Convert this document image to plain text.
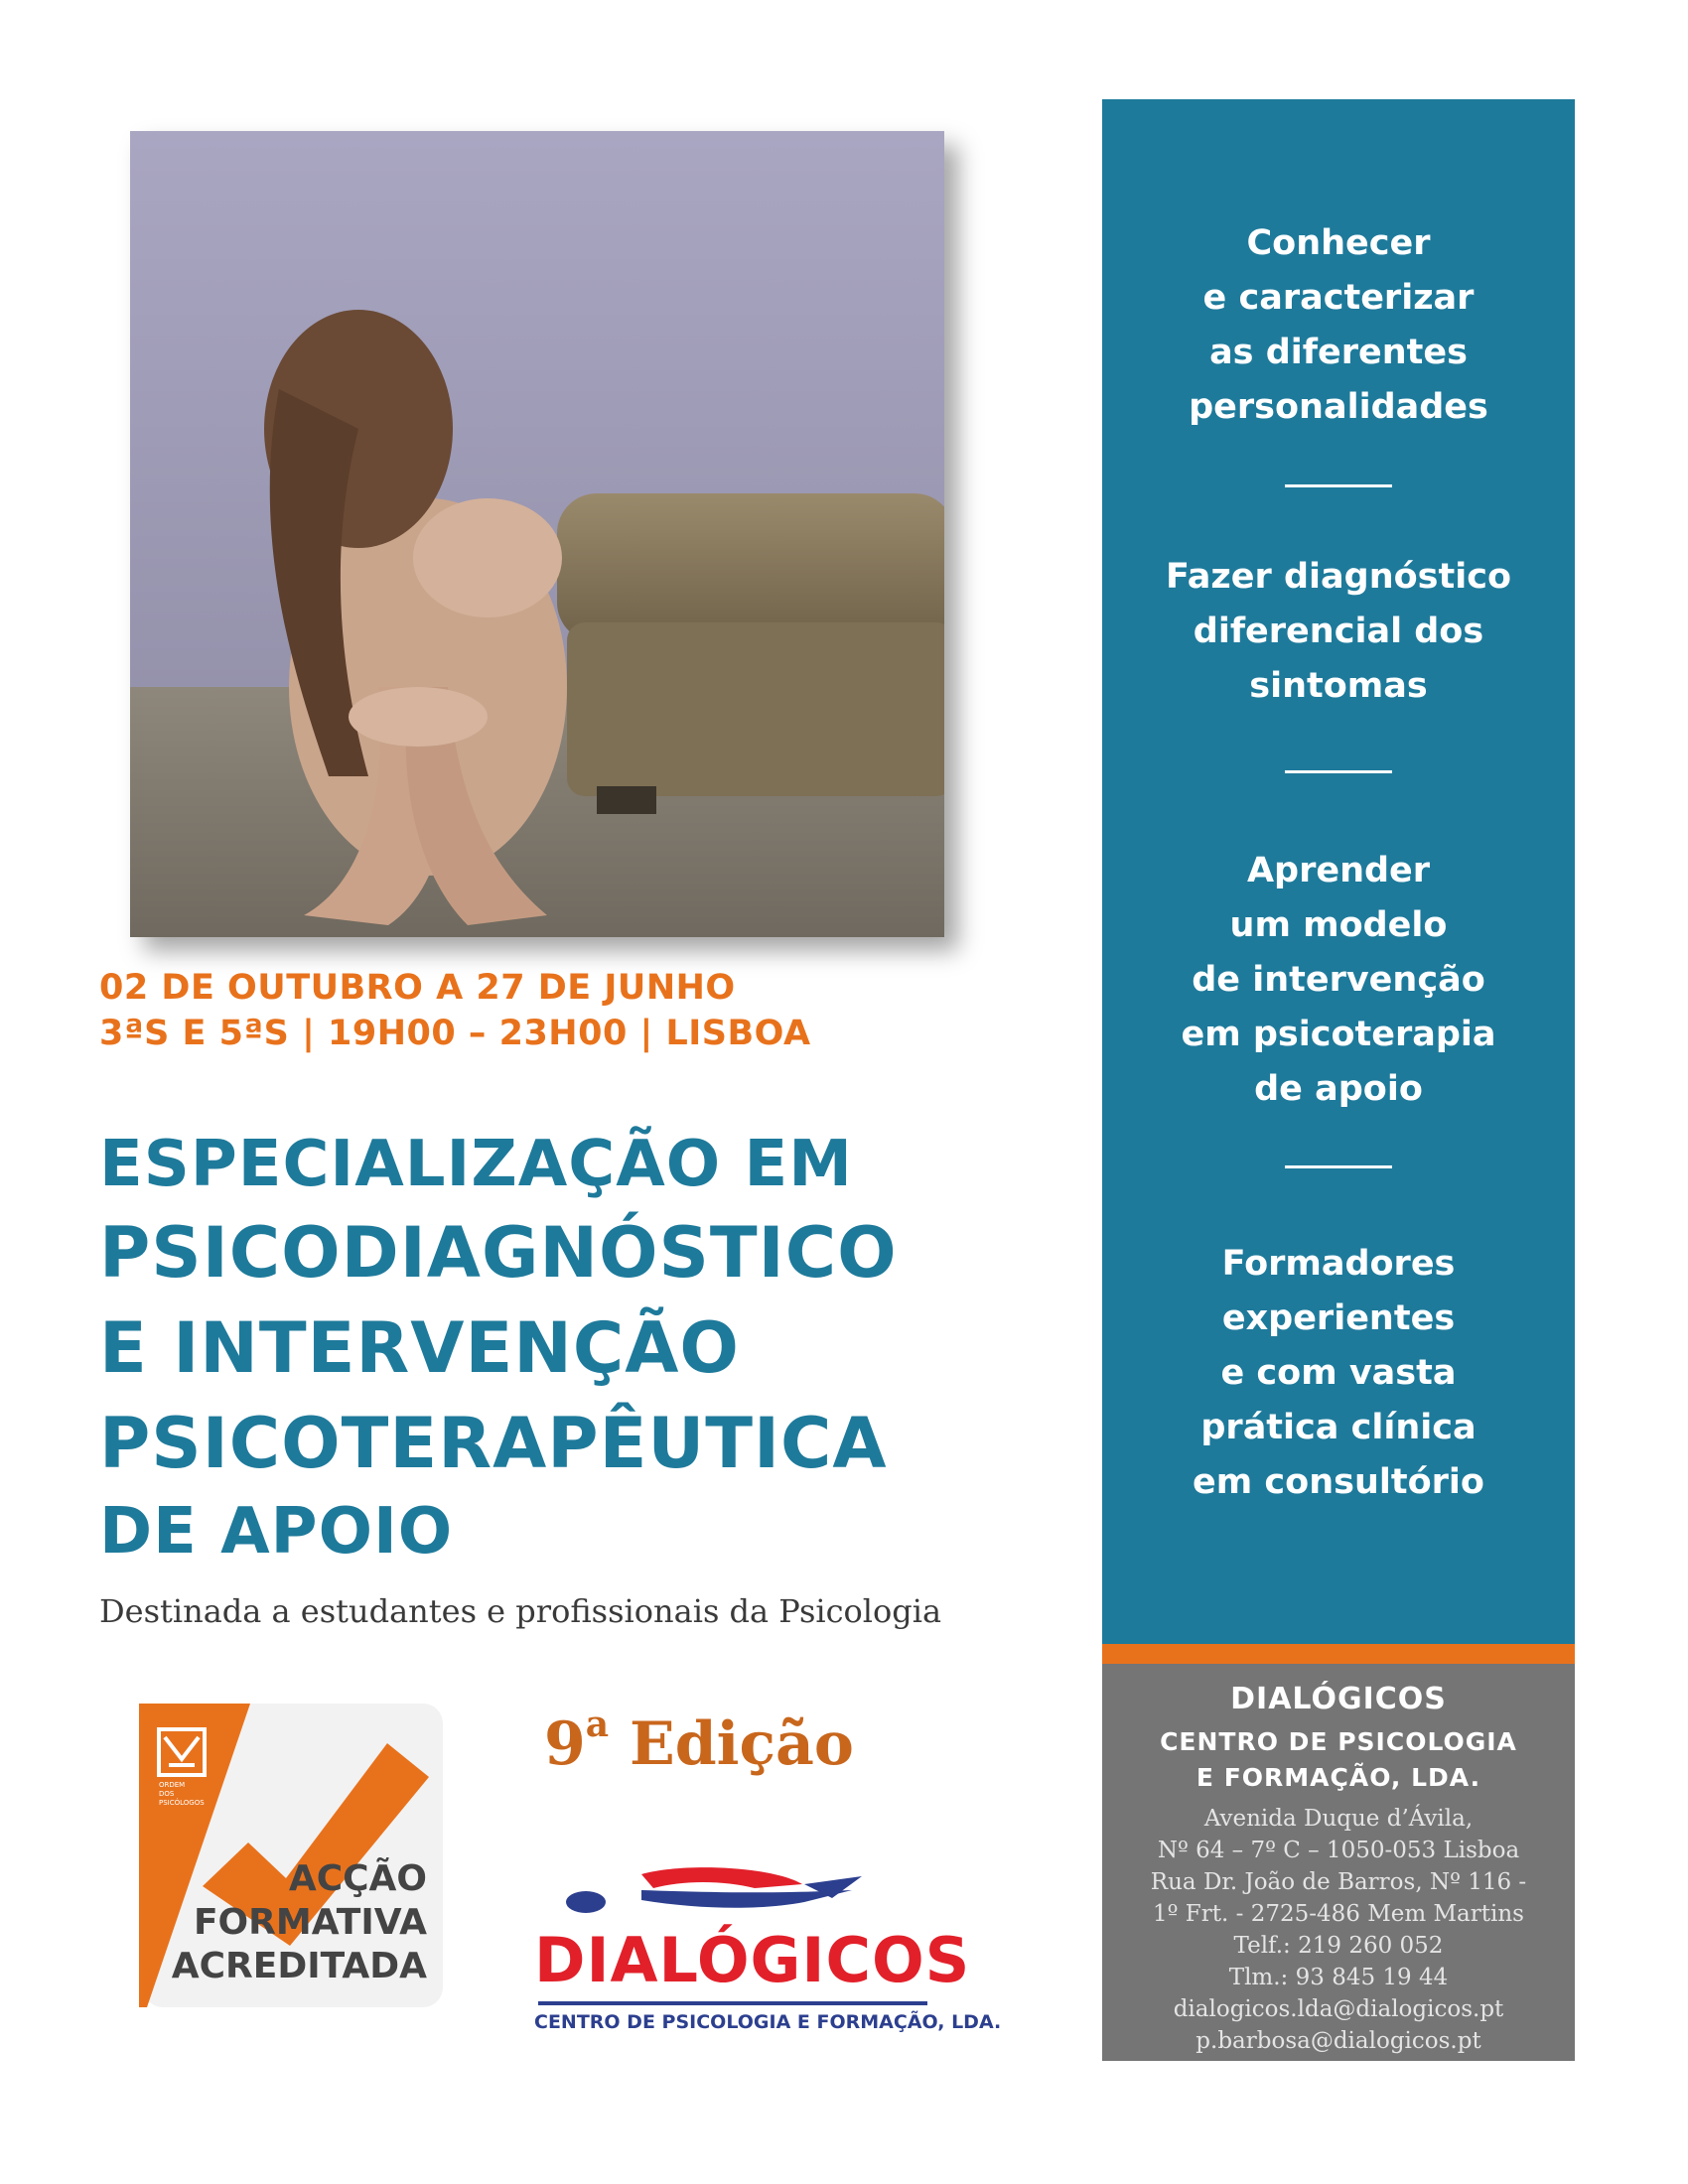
02 DE OUTUBRO A 27 DE JUNHO
3ªS E 5ªS | 19H00 – 23H00 | LISBOA
ESPECIALIZAÇÃO EM
PSICODIAGNÓSTICO
E INTERVENÇÃO
PSICOTERAPÊUTICA
DE APOIO
Destinada a estudantes e profissionais da Psicologia
ORDEM
DOS
PSICÓLOGOS
ACÇÃO
FORMATIVA
ACREDITADA
9$^a$ Edição
DIALÓGICOS
CENTRO DE PSICOLOGIA E FORMAÇÃO, LDA.
Conhecer
e caracterizar
as diferentes
personalidades
Fazer diagnóstico
diferencial dos
sintomas
Aprender
um modelo
de intervenção
em psicoterapia
de apoio
Formadores
experientes
e com vasta
prática clínica
em consultório
DIALÓGICOS
CENTRO DE PSICOLOGIA
E FORMAÇÃO, LDA.
Avenida Duque d’Ávila,
Nº 64 – 7º C – 1050-053 Lisboa
Rua Dr. João de Barros, Nº 116 -
1º Frt. - 2725-486 Mem Martins
Telf.: 219 260 052
Tlm.: 93 845 19 44
dialogicos.lda@dialogicos.pt
p.barbosa@dialogicos.pt
